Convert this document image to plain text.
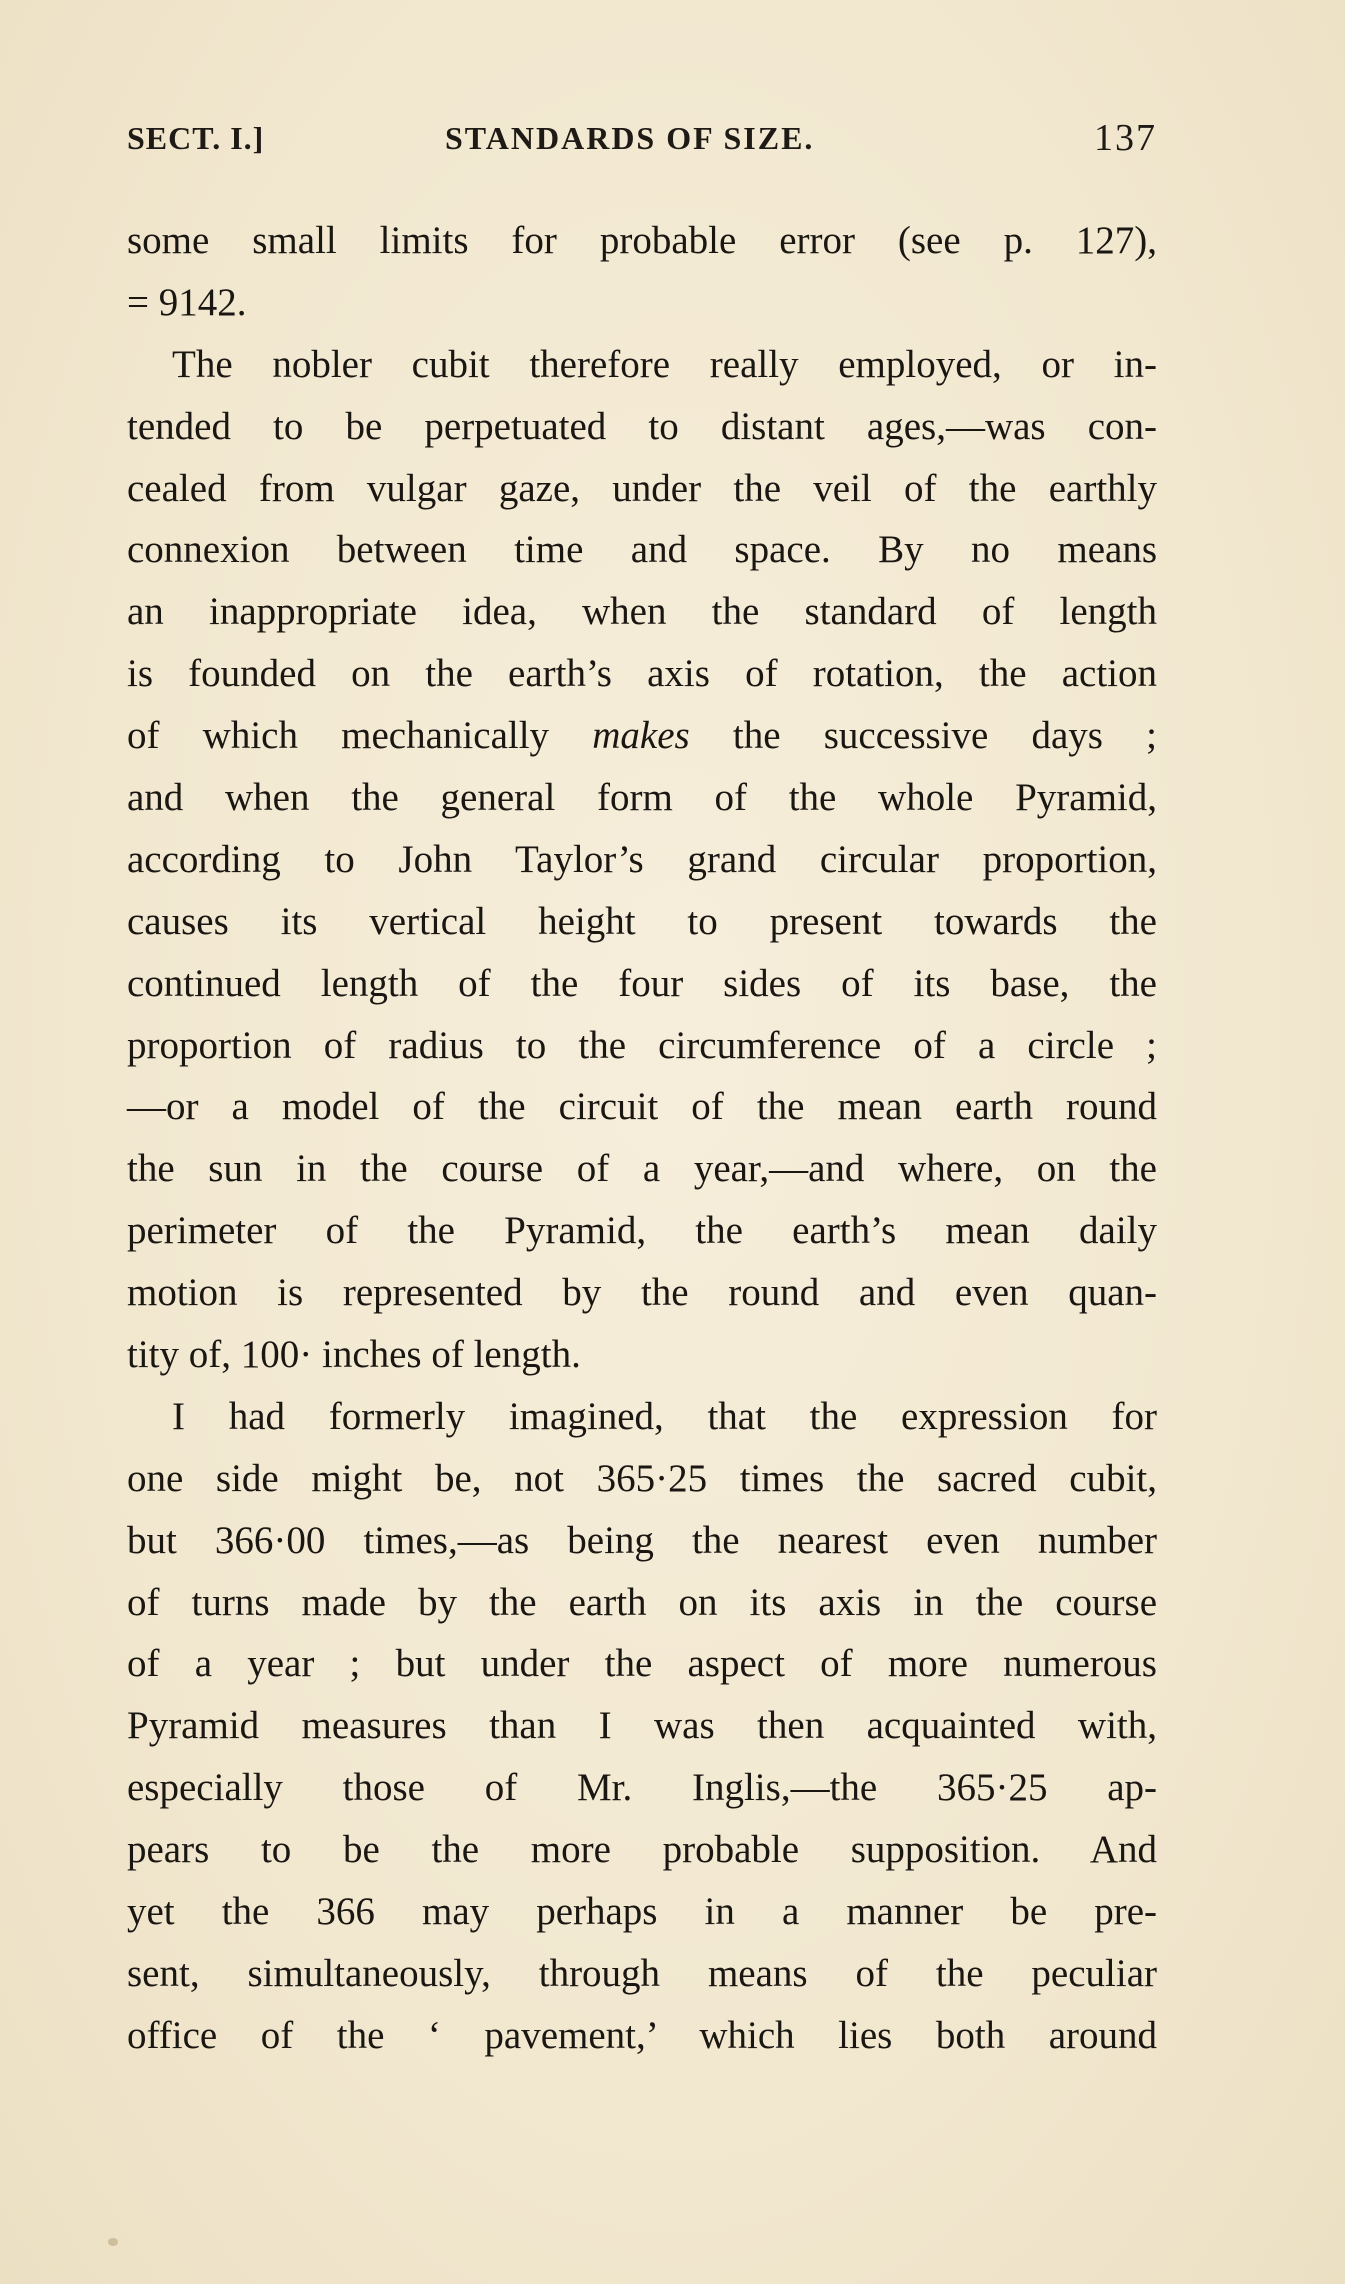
SECT. I.]	STANDARDS OF SIZE.	137
some small limits for probable error (see p. 127),
= 9142.
The nobler cubit therefore really employed, or in-
tended to be perpetuated to distant ages,—was con-
cealed from vulgar gaze, under the veil of the earthly
connexion between time and space. By no means
an inappropriate idea, when the standard of length
is founded on the earth’s axis of rotation, the action
of which mechanically makes the successive days ;
and when the general form of the whole Pyramid,
according to John Taylor’s grand circular proportion,
causes its vertical height to present towards the
continued length of the four sides of its base, the
proportion of radius to the circumference of a circle ;
—or a model of the circuit of the mean earth round
the sun in the course of a year,—and where, on the
perimeter of the Pyramid, the earth’s mean daily
motion is represented by the round and even quan-
tity of, 100· inches of length.
I had formerly imagined, that the expression for
one side might be, not 365·25 times the sacred cubit,
but 366·00 times,—as being the nearest even number
of turns made by the earth on its axis in the course
of a year ; but under the aspect of more numerous
Pyramid measures than I was then acquainted with,
especially those of Mr. Inglis,—the 365·25 ap-
pears to be the more probable supposition. And
yet the 366 may perhaps in a manner be pre-
sent, simultaneously, through means of the peculiar
office of the ‘ pavement,’ which lies both around
